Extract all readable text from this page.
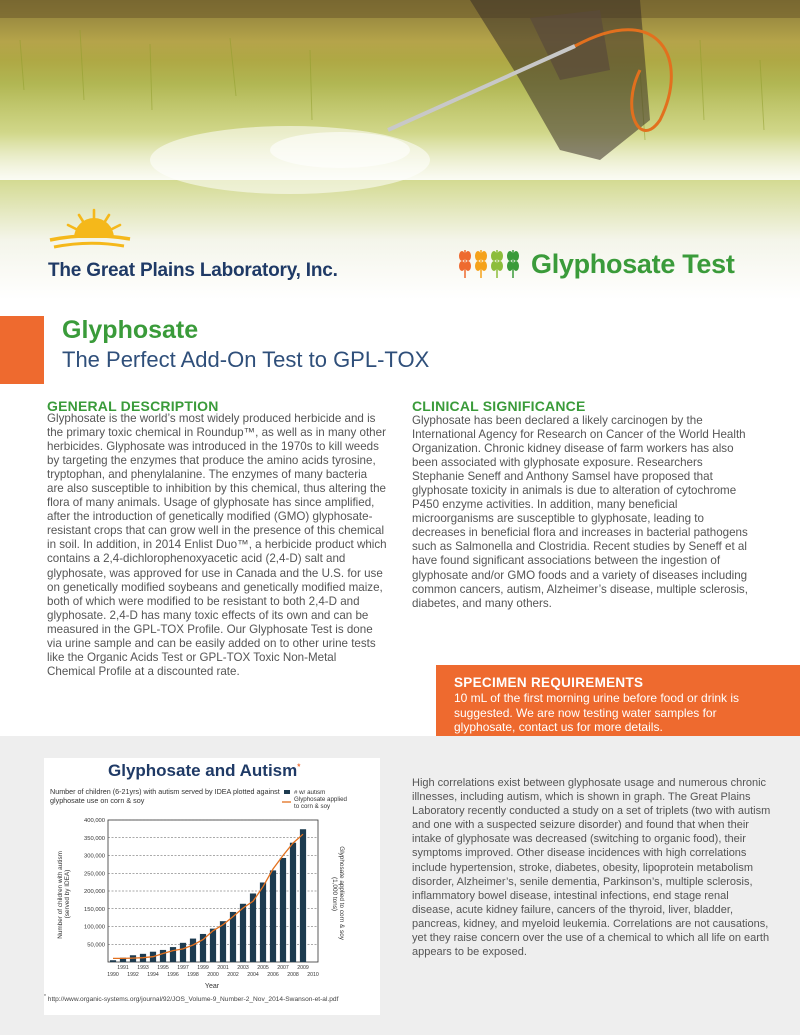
The Great Plains Laboratory, Inc.	Glyphosate Test
Glyphosate
The Perfect Add-On Test to GPL-TOX
GENERAL DESCRIPTION
Glyphosate is the world’s most widely produced herbicide and is the primary toxic chemical in Roundup™, as well as in many other herbicides. Glyphosate was introduced in the 1970s to kill weeds by targeting the enzymes that produce the amino acids tyrosine, tryptophan, and phenylalanine. The enzymes of many bacteria are also susceptible to inhibition by this chemical, thus altering the flora of many animals. Usage of glyphosate has since amplified, after the introduction of genetically modified (GMO) glyphosate-resistant crops that can grow well in the presence of this chemical in soil. In addition, in 2014 Enlist Duo™, a herbicide product which contains a 2,4-dichlorophenoxyacetic acid (2,4-D) salt and glyphosate, was approved for use in Canada and the U.S. for use on genetically modified soybeans and genetically modified maize, both of which were modified to be resistant to both 2,4-D and glyphosate. 2,4-D has many toxic effects of its own and can be measured in the GPL-TOX Profile. Our Glyphosate Test is done via urine sample and can be easily added on to other urine tests like the Organic Acids Test or GPL-TOX Toxic Non-Metal Chemical Profile at a discounted rate.
CLINICAL SIGNIFICANCE
Glyphosate has been declared a likely carcinogen by the International Agency for Research on Cancer of the World Health Organization. Chronic kidney disease of farm workers has also been associated with glyphosate exposure. Researchers Stephanie Seneff and Anthony Samsel have proposed that glyphosate toxicity in animals is due to alteration of cytochrome P450 enzyme activities. In addition, many beneficial microorganisms are susceptible to glyphosate, leading to decreases in beneficial flora and increases in bacterial pathogens such as Salmonella and Clostridia. Recent studies by Seneff et al have found significant associations between the ingestion of glyphosate and/or GMO foods and a variety of diseases including common cancers, autism, Alzheimer’s disease, multiple sclerosis, diabetes, and many others.
SPECIMEN REQUIREMENTS
10 mL of the first morning urine before food or drink is suggested. We are now testing water samples for glyphosate, contact us for more details.
Glyphosate and Autism*
Number of children (6-21yrs) with autism served by IDEA plotted against glyphosate use on corn & soy
50,000
100,000
150,000
200,000
250,000
300,000
350,000
400,000
1991 1993 1995 1997 1999 2001 2003 2005 2007 2009
1990 1992 1994 1996 1998 2000 2002 2004 2006 2008 2010
# w/ autism
Glyphosate applied to corn & soy
Year
Number of children with autism (served by IDEA)	Glyphosate applied to corn & soy (1,000 tons)
* http://www.organic-systems.org/journal/92/JOS_Volume-9_Number-2_Nov_2014-Swanson-et-al.pdf
High correlations exist between glyphosate usage and numerous chronic illnesses, including autism, which is shown in graph. The Great Plains Laboratory recently conducted a study on a set of triplets (two with autism and one with a suspected seizure disorder) and found that when their intake of glyphosate was decreased (switching to organic food), their symptoms improved. Other disease incidences with high correlations include hypertension, stroke, diabetes, obesity, lipoprotein metabolism disorder, Alzheimer’s, senile dementia, Parkinson’s, multiple sclerosis, inflammatory bowel disease, intestinal infections, end stage renal disease, acute kidney failure, cancers of the thyroid, liver, bladder, pancreas, kidney, and myeloid leukemia. Correlations are not causations, yet they raise concern over the use of a chemical to which all life on earth appears to be exposed.
